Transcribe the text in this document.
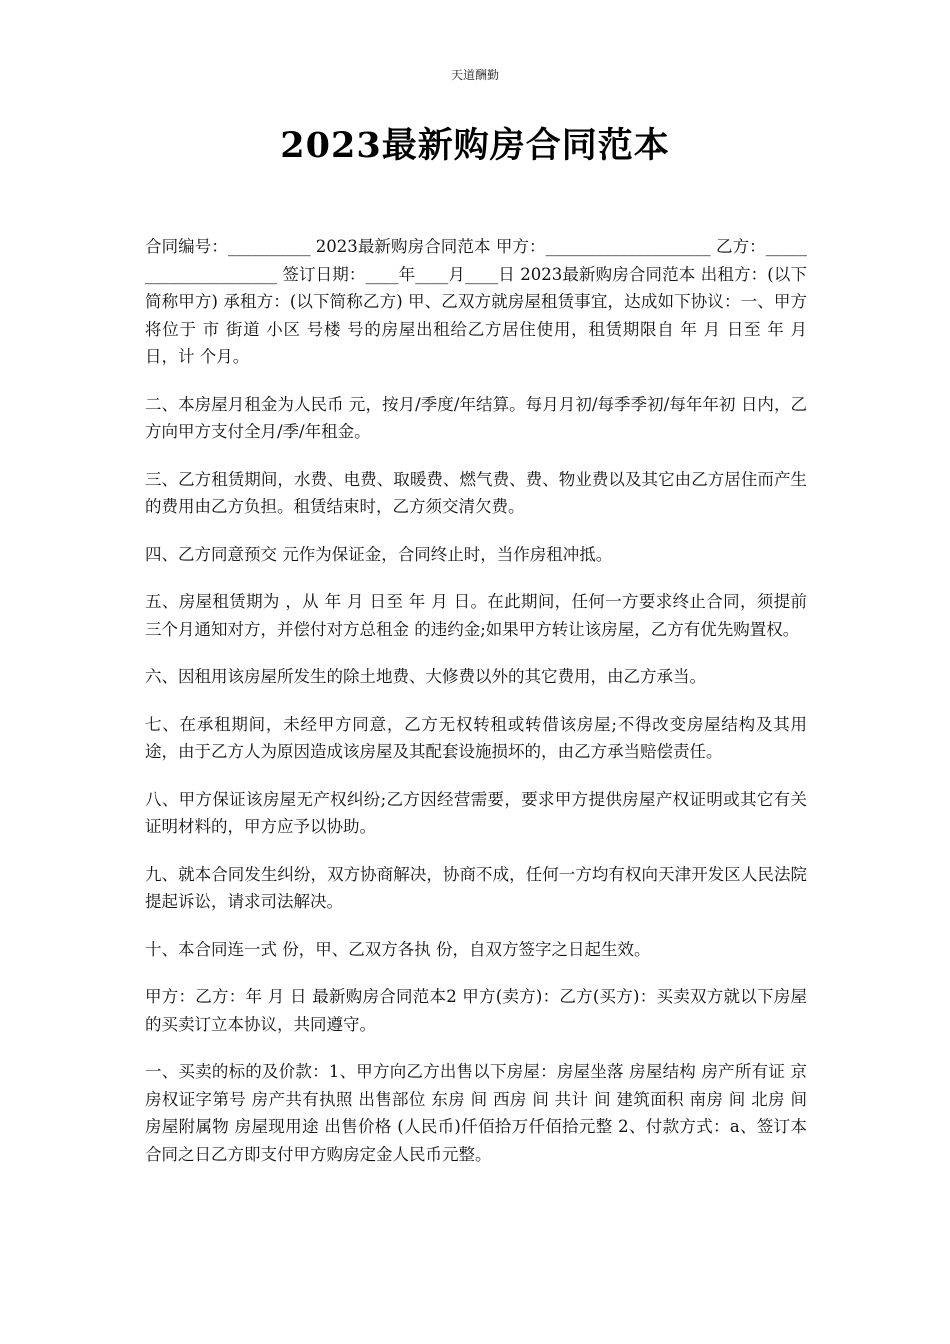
天道酬勤
2023最新购房合同范本

合同编号：__________ 2023最新购房合同范本 甲方：____________________ 乙方：_____________________ 签订日期：____年____月____日 2023最新购房合同范本 出租方：(以下简称甲方) 承租方：(以下简称乙方) 甲、乙双方就房屋租赁事宜，达成如下协议：一、甲方将位于 市 街道 小区 号楼 号的房屋出租给乙方居住使用，租赁期限自 年 月 日至 年 月 日，计 个月。

二、本房屋月租金为人民币 元，按月/季度/年结算。每月月初/每季季初/每年年初 日内，乙方向甲方支付全月/季/年租金。

三、乙方租赁期间，水费、电费、取暖费、燃气费、费、物业费以及其它由乙方居住而产生的费用由乙方负担。租赁结束时，乙方须交清欠费。

四、乙方同意预交 元作为保证金，合同终止时，当作房租冲抵。

五、房屋租赁期为 ，从 年 月 日至 年 月 日。在此期间，任何一方要求终止合同，须提前三个月通知对方，并偿付对方总租金 的违约金;如果甲方转让该房屋，乙方有优先购置权。

六、因租用该房屋所发生的除土地费、大修费以外的其它费用，由乙方承当。

七、在承租期间，未经甲方同意，乙方无权转租或转借该房屋;不得改变房屋结构及其用途，由于乙方人为原因造成该房屋及其配套设施损坏的，由乙方承当赔偿责任。

八、甲方保证该房屋无产权纠纷;乙方因经营需要，要求甲方提供房屋产权证明或其它有关证明材料的，甲方应予以协助。

九、就本合同发生纠纷，双方协商解决，协商不成，任何一方均有权向天津开发区人民法院提起诉讼，请求司法解决。

十、本合同连一式 份，甲、乙双方各执 份，自双方签字之日起生效。

甲方：乙方：年 月 日 最新购房合同范本2 甲方(卖方)：乙方(买方)：买卖双方就以下房屋的买卖订立本协议，共同遵守。

一、买卖的标的及价款：1、甲方向乙方出售以下房屋：房屋坐落 房屋结构 房产所有证 京房权证字第号 房产共有执照 出售部位 东房 间 西房 间 共计 间 建筑面积 南房 间 北房 间 房屋附属物 房屋现用途 出售价格 (人民币)仟佰拾万仟佰拾元整 2、付款方式：a、签订本合同之日乙方即支付甲方购房定金人民币元整。
